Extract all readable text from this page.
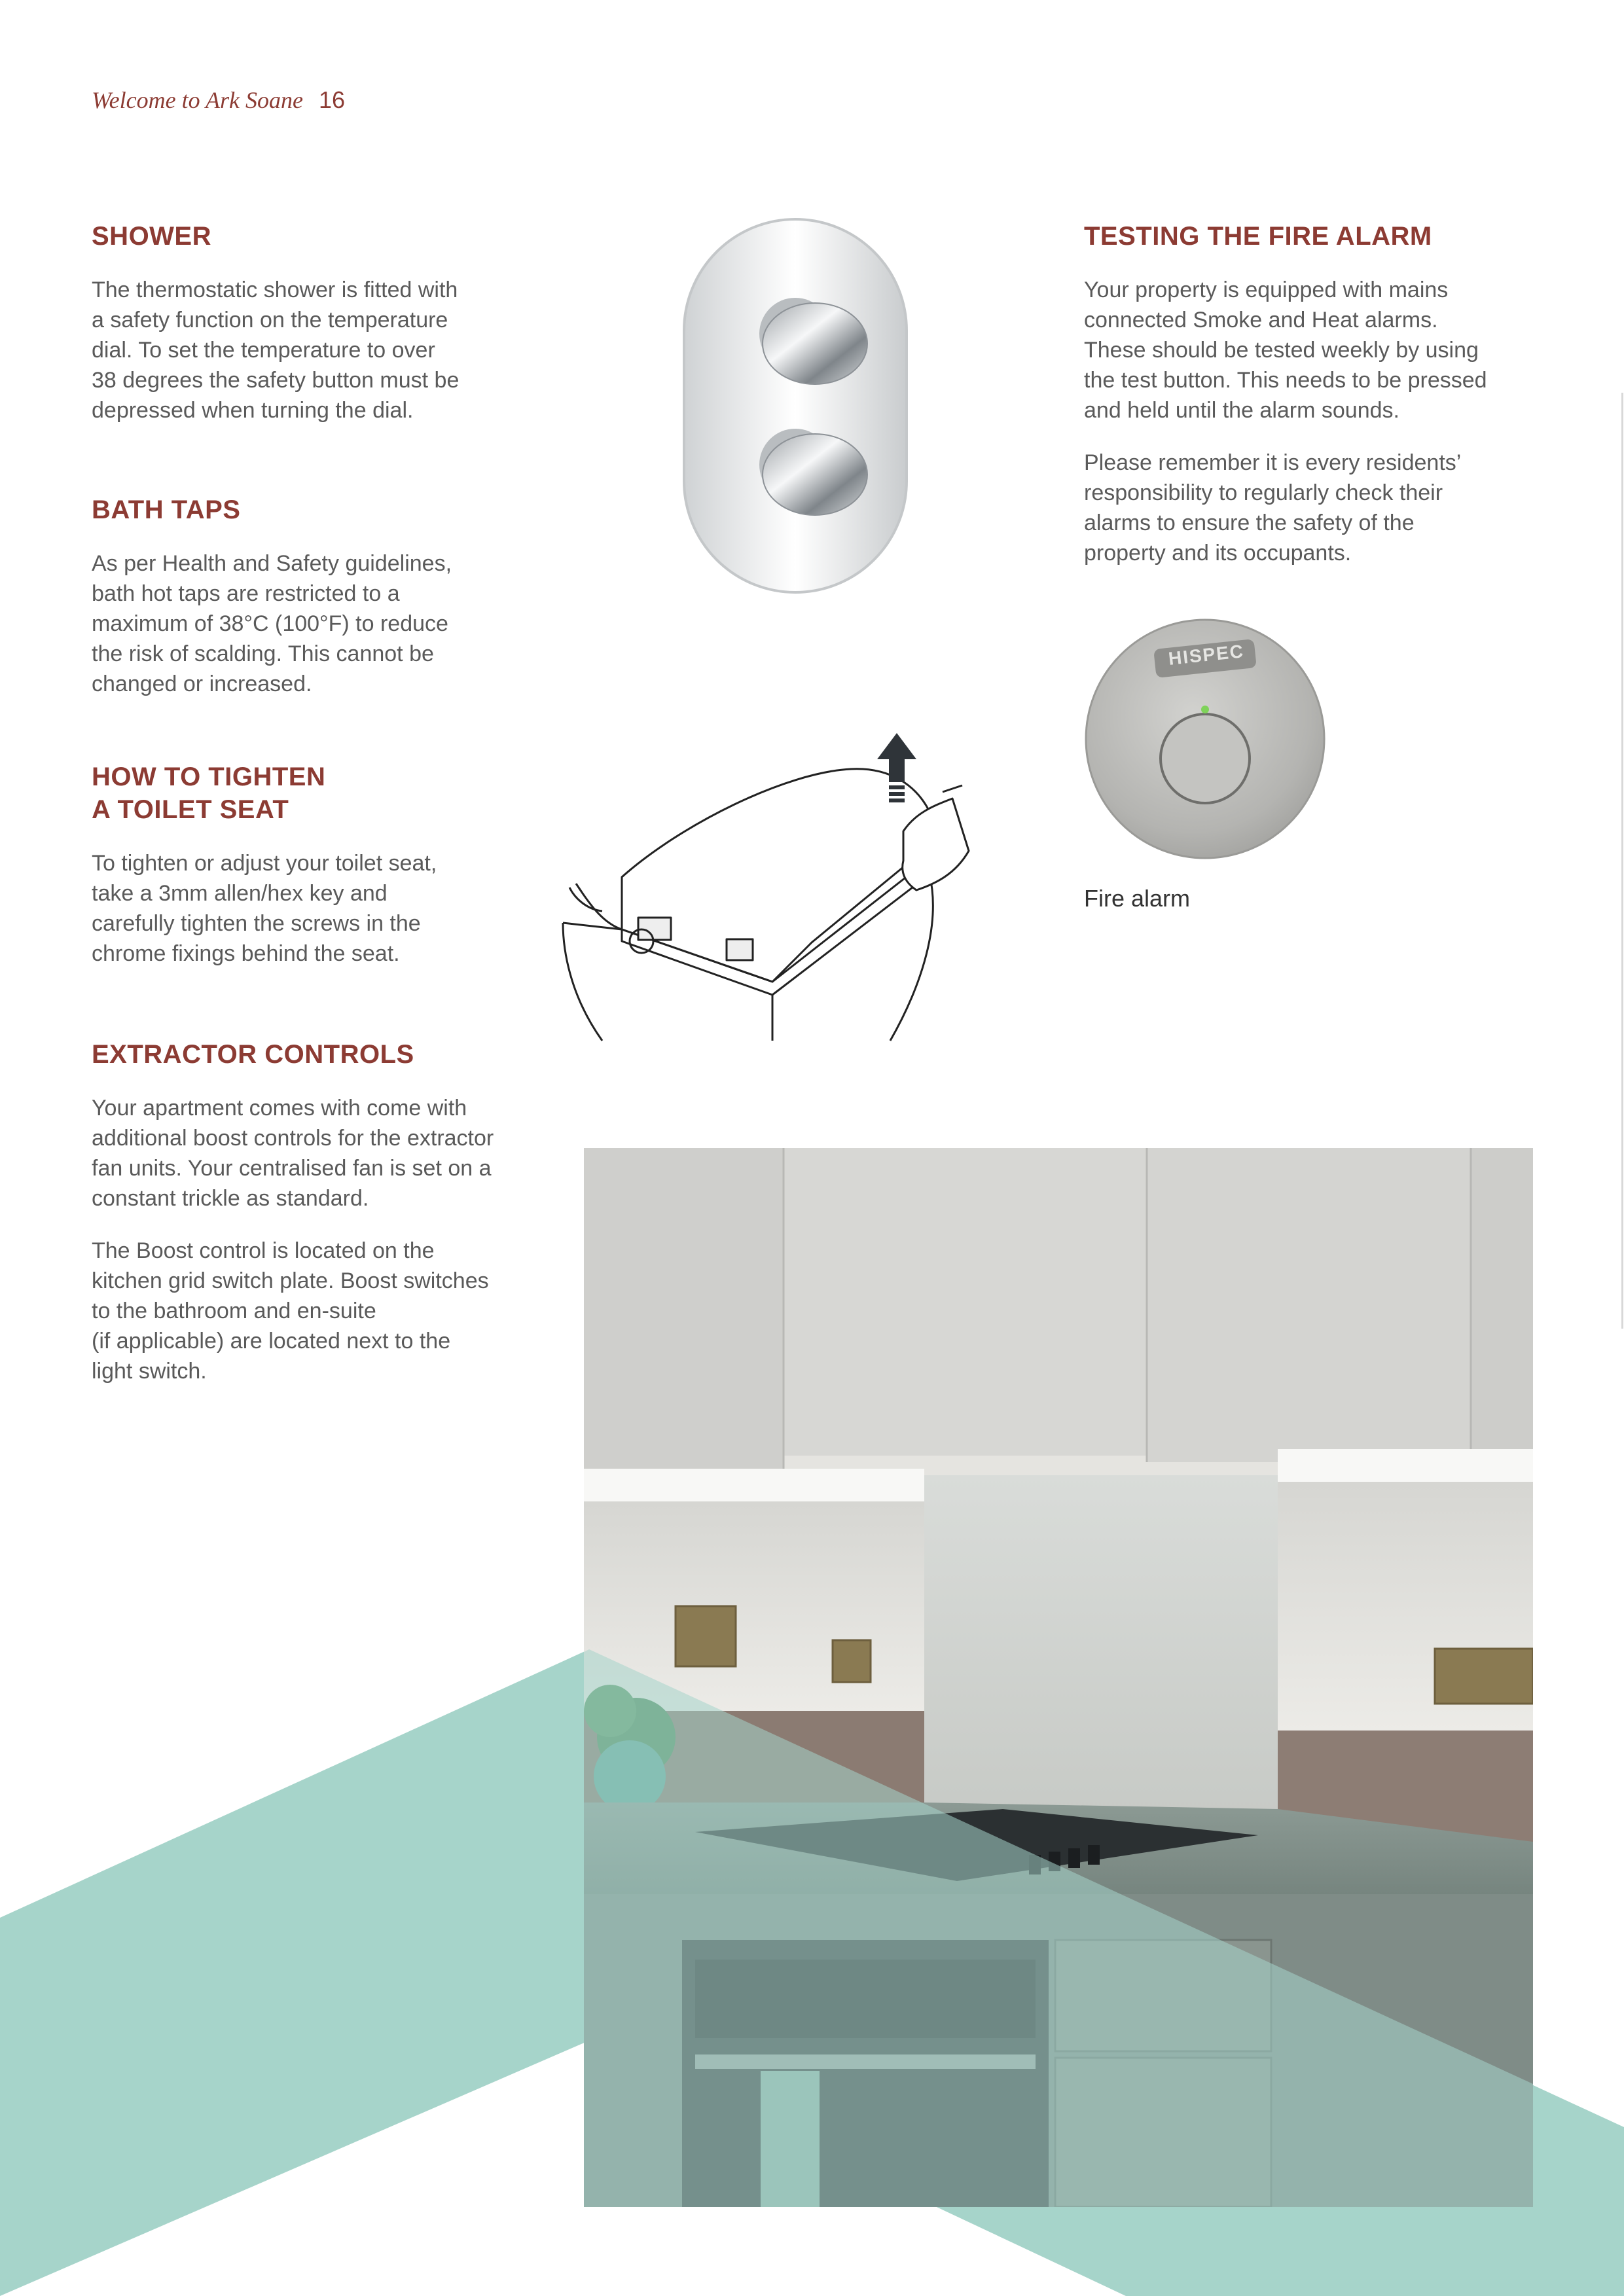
Welcome to Ark Soane 16
SHOWER

The thermostatic shower is fitted with

a safety function on the temperature

dial. To set the temperature to over

38 degrees the safety button must be

depressed when turning the dial.

BATH TAPS

As per Health and Safety guidelines,

bath hot taps are restricted to a

maximum of 38°C (100°F) to reduce

the risk of scalding. This cannot be

changed or increased.

HOW TO TIGHTEN
A TOILET SEAT

To tighten or adjust your toilet seat,

take a 3mm allen/hex key and

carefully tighten the screws in the

chrome fixings behind the seat.

EXTRACTOR CONTROLS

Your apartment comes with come with

additional boost controls for the extractor

fan units. Your centralised fan is set on a

constant trickle as standard.

The Boost control is located on the

kitchen grid switch plate. Boost switches

to the bathroom and en-suite

(if applicable) are located next to the

light switch.

TESTING THE FIRE ALARM

Your property is equipped with mains

connected Smoke and Heat alarms.

These should be tested weekly by using

the test button. This needs to be pressed

and held until the alarm sounds.

Please remember it is every residents’

responsibility to regularly check their

alarms to ensure the safety of the

property and its occupants.

HISPEC
Fire alarm
